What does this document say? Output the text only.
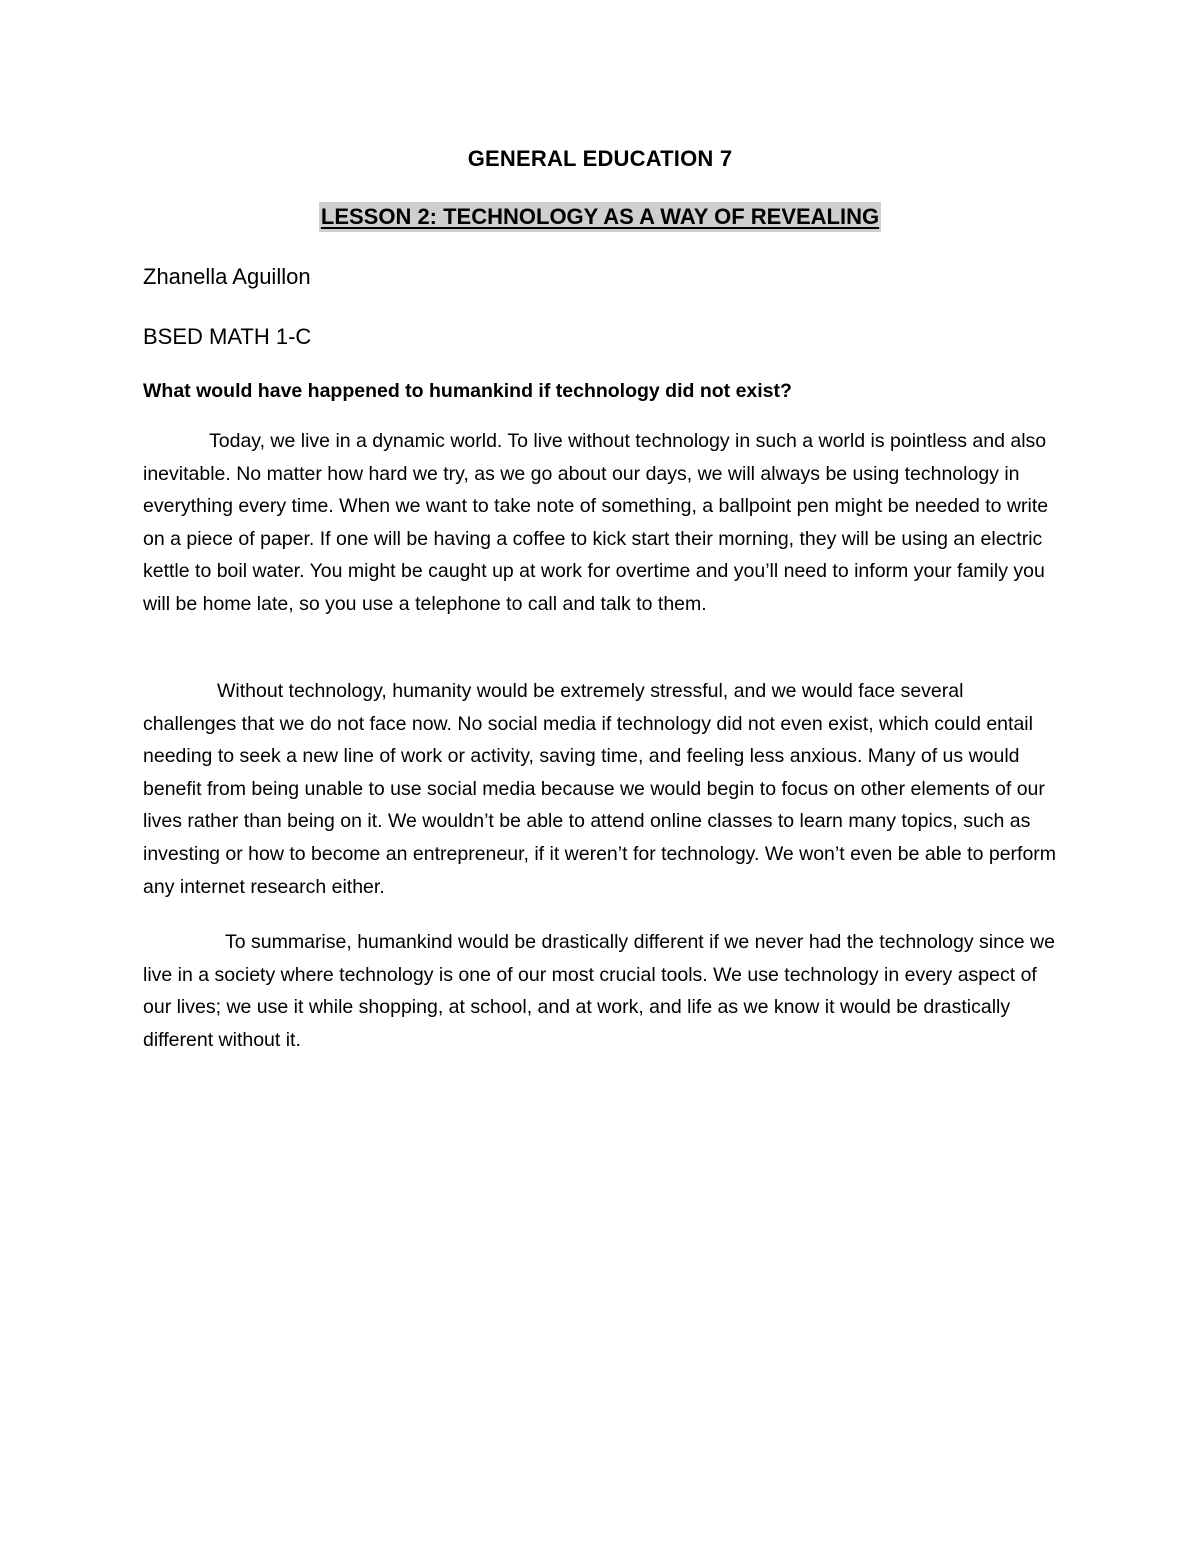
GENERAL EDUCATION 7
LESSON 2: TECHNOLOGY AS A WAY OF REVEALING
Zhanella Aguillon
BSED MATH 1-C
What would have happened to humankind if technology did not exist?

Today, we live in a dynamic world. To live without technology in such a world is pointless and also inevitable. No matter how hard we try, as we go about our days, we will always be using technology in everything every time. When we want to take note of something, a ballpoint pen might be needed to write on a piece of paper. If one will be having a coffee to kick start their morning, they will be using an electric kettle to boil water. You might be caught up at work for overtime and you’ll need to inform your family you will be home late, so you use a telephone to call and talk to them.

Without technology, humanity would be extremely stressful, and we would face several challenges that we do not face now. No social media if technology did not even exist, which could entail needing to seek a new line of work or activity, saving time, and feeling less anxious. Many of us would benefit from being unable to use social media because we would begin to focus on other elements of our lives rather than being on it. We wouldn’t be able to attend online classes to learn many topics, such as investing or how to become an entrepreneur, if it weren’t for technology. We won’t even be able to perform any internet research either.

To summarise, humankind would be drastically different if we never had the technology since we live in a society where technology is one of our most crucial tools. We use technology in every aspect of our lives; we use it while shopping, at school, and at work, and life as we know it would be drastically different without it.
